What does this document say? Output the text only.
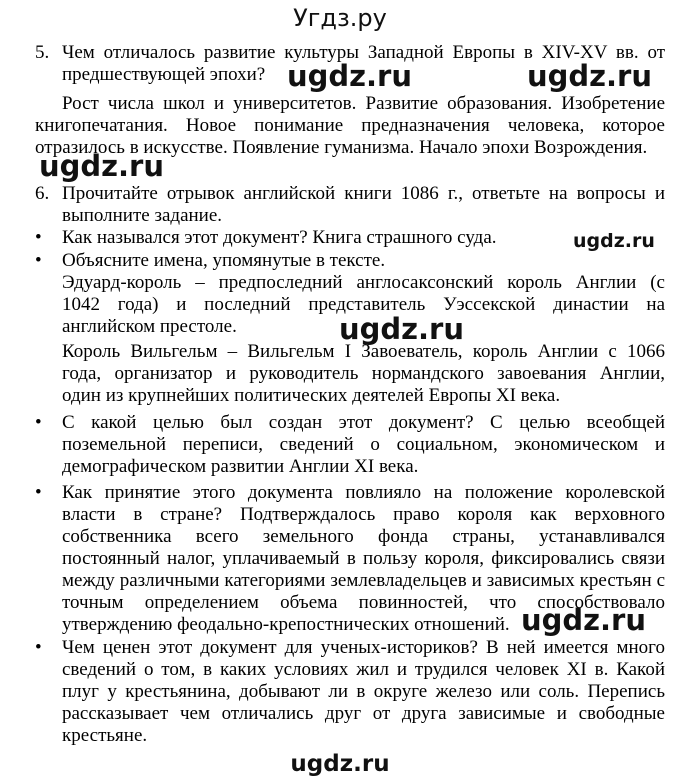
Угдз.ру
5. Чем отличалось развитие культуры Западной Европы в XIV-XV вв. от

предшествующей эпохи?

Рост числа школ и университетов. Развитие образования. Изобретение

книгопечатания. Новое понимание предназначения человека, которое

отразилось в искусстве. Появление гуманизма. Начало эпохи Возрождения.

6. Прочитайте отрывок английской книги 1086 г., ответьте на вопросы и

выполните задание.

• Как назывался этот документ? Книга страшного суда.

• Объясните имена, упомянутые в тексте.

Эдуард-король – предпоследний англосаксонский король Англии (с

1042 года) и последний представитель Уэссекской династии на

английском престоле.

Король Вильгельм – Вильгельм I Завоеватель, король Англии с 1066

года, организатор и руководитель нормандского завоевания Англии,

один из крупнейших политических деятелей Европы XI века.

• С какой целью был создан этот документ? С целью всеобщей

поземельной переписи, сведений о социальном, экономическом и

демографическом развитии Англии XI века.

• Как принятие этого документа повлияло на положение королевской

власти в стране? Подтверждалось право короля как верховного

собственника всего земельного фонда страны, устанавливался

постоянный налог, уплачиваемый в пользу короля, фиксировались связи

между различными категориями землевладельцев и зависимых крестьян с

точным определением объема повинностей, что способствовало

утверждению феодально-крепостнических отношений.

• Чем ценен этот документ для ученых-историков? В ней имеется много

сведений о том, в каких условиях жил и трудился человек XI в. Какой

плуг у крестьянина, добывают ли в округе железо или соль. Перепись

рассказывает чем отличались друг от друга зависимые и свободные

крестьяне.

ugdz.ru	ugdz.ru
ugdz.ru
ugdz.ru
ugdz.ru
ugdz.ru
ugdz.ru
